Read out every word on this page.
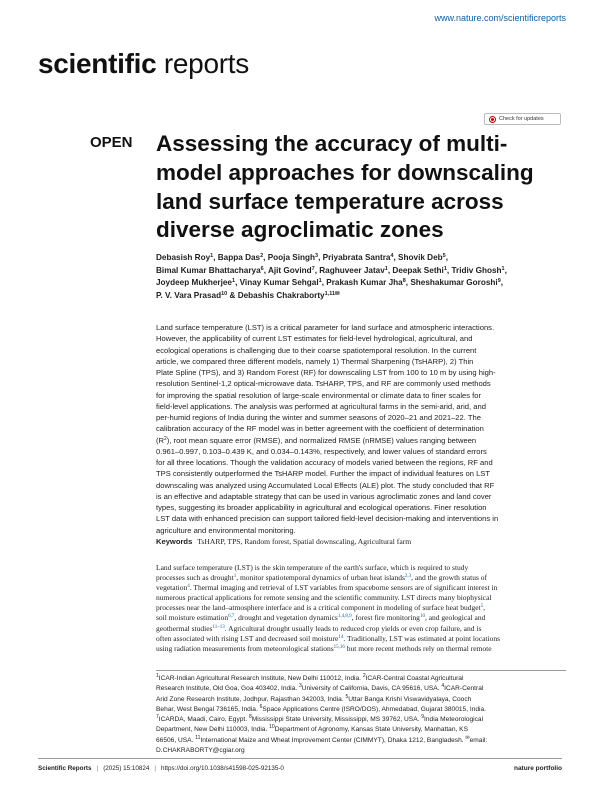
www.nature.com/scientificreports
scientific reports
Check for updates
OPEN Assessing the accuracy of multi-
model approaches for downscaling
land surface temperature across
diverse agroclimatic zones
Debasish Roy$^1$, Bappa Das$^2$, Pooja Singh$^3$, Priyabrata Santra$^4$, Shovik Deb$^5$,
Bimal Kumar Bhattacharya$^6$, Ajit Govind$^7$, Raghuveer Jatav$^1$, Deepak Sethi$^1$, Tridiv Ghosh$^1$,
Joydeep Mukherjee$^1$, Vinay Kumar Sehgal$^1$, Prakash Kumar Jha$^8$, Sheshakumar Goroshi$^9$,
P. V. Vara Prasad$^{10}$ & Debashis Chakraborty$^{1,11✉}$
Land surface temperature (LST) is a critical parameter for land surface and atmospheric interactions.
However, the applicability of current LST estimates for field-level hydrological, agricultural, and
ecological operations is challenging due to their coarse spatiotemporal resolution. In the current
article, we compared three different models, namely 1) Thermal Sharpening (TsHARP), 2) Thin
Plate Spline (TPS), and 3) Random Forest (RF) for downscaling LST from 100 to 10 m by using high-
resolution Sentinel-1,2 optical-microwave data. TsHARP, TPS, and RF are commonly used methods
for improving the spatial resolution of large-scale environmental or climate data to finer scales for
field-level applications. The analysis was performed at agricultural farms in the semi-arid, arid, and
per-humid regions of India during the winter and summer seasons of 2020–21 and 2021–22. The
calibration accuracy of the RF model was in better agreement with the coefficient of determination
$(R^2)$, root mean square error (RMSE), and normalized RMSE (nRMSE) values ranging between
0.961–0.997, 0.103–0.439 K, and 0.034–0.143%, respectively, and lower values of standard errors
for all three locations. Though the validation accuracy of models varied between the regions, RF and
TPS consistently outperformed the TsHARP model. Further the impact of individual features on LST
downscaling was analyzed using Accumulated Local Effects (ALE) plot. The study concluded that RF
is an effective and adaptable strategy that can be used in various agroclimatic zones and land cover
types, suggesting its broader applicability in agricultural and ecological operations. Finer resolution
LST data with enhanced precision can support tailored field-level decision-making and interventions in
agriculture and environmental monitoring.
Keywords TsHARP, TPS, Random forest, Spatial downscaling, Agricultural farm
Land surface temperature (LST) is the skin temperature of the earth's surface, which is required to study
processes such as drought$^1$, monitor spatiotemporal dynamics of urban heat islands$^{2,3}$, and the growth status of
vegetation$^4$. Thermal imaging and retrieval of LST variables from spaceborne sensors are of significant interest in
numerous practical applications for remote sensing and the scientific community. LST directs many biophysical
processes near the land–atmosphere interface and is a critical component in modeling of surface heat budget$^5$,
soil moisture estimation$^{6,7}$, drought and vegetation dynamics$^{1,4,8,9}$, forest fire monitoring$^{10}$, and geological and
geothermal studies$^{11-13}$. Agricultural drought usually leads to reduced crop yields or even crop failure, and is
often associated with rising LST and decreased soil moisture$^{14}$. Traditionally, LST was estimated at point locations
using radiation measurements from meteorological stations$^{15,16}$ but more recent methods rely on thermal remote
$^1$ICAR-Indian Agricultural Research Institute, New Delhi 110012, India. $^2$ICAR-Central Coastal Agricultural
Research Institute, Old Goa, Goa 403402, India. $^3$University of California, Davis, CA 95616, USA. $^4$ICAR-Central
Arid Zone Research Institute, Jodhpur, Rajasthan 342003, India. $^5$Uttar Banga Krishi Viswavidyalaya, Cooch
Behar, West Bengal 736165, India. $^6$Space Applications Centre (ISRO/DOS), Ahmedabad, Gujarat 380015, India.
$^7$ICARDA, Maadi, Cairo, Egypt. $^8$Mississippi State University, Mississippi, MS 39762, USA. $^9$India Meteorological
Department, New Delhi 110003, India. $^{10}$Department of Agronomy, Kansas State University, Manhattan, KS
66506, USA. $^{11}$International Maize and Wheat Improvement Center (CIMMYT), Dhaka 1212, Bangladesh. ✉email:
D.CHAKRABORTY@cgiar.org
Scientific Reports | (2025) 15:10824 | https://doi.org/10.1038/s41598-025-92135-0	nature portfolio
